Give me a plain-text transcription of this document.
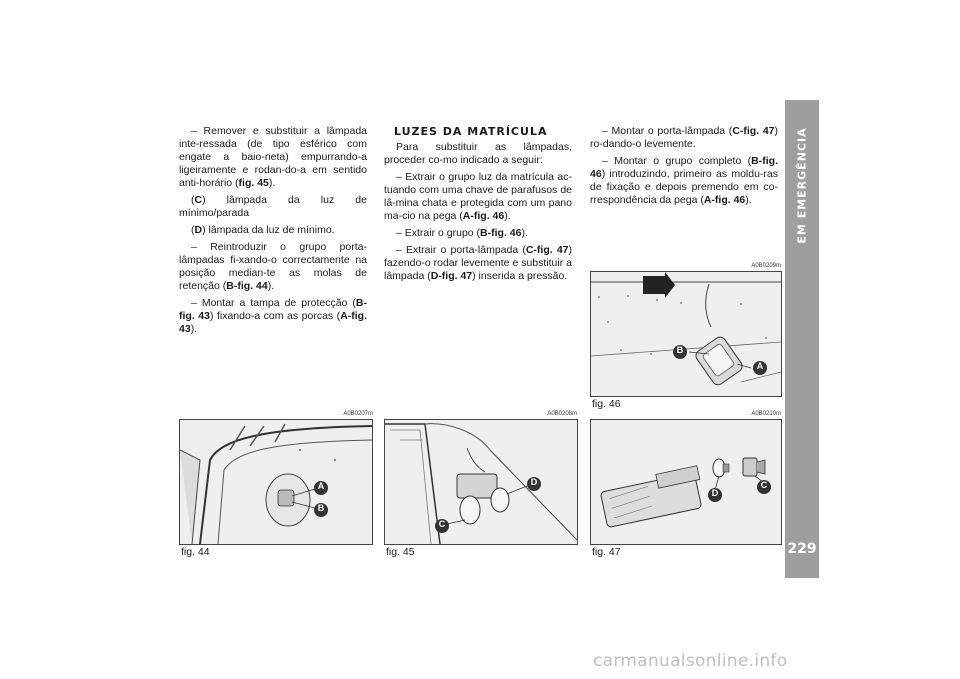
EM EMERGÊNCIA
229

– Remover e substituir a lâmpada inte-ressada (de tipo esférico com engate a baio-neta) empurrando-a ligeiramente e rodan-do-a em sentido anti-horário (fig. 45).

(C) lâmpada da luz de mínimo/parada

(D) lâmpada da luz de mínimo.

– Reintroduzir o grupo porta-lâmpadas fi-xando-o correctamente na posição median-te as molas de retenção (B-fig. 44).

– Montar a tampa de protecção (B-fig. 43) fixando-a com as porcas (A-fig. 43).

LUZES DA MATRÍCULA

Para substituir as lâmpadas, proceder co-mo indicado a seguir:

– Extrair o grupo luz da matrícula ac-tuando com uma chave de parafusos de lâ-mina chata e protegida com um pano ma-cio na pega (A-fig. 46).

– Extrair o grupo (B-fig. 46).

– Extrair o porta-lâmpada (C-fig. 47) fazendo-o rodar levemente e substituir a lâmpada (D-fig. 47) inserida a pressão.

– Montar o porta-lâmpada (C-fig. 47) ro-dando-o levemente.

– Montar o grupo completo (B-fig. 46) introduzindo, primeiro as moldu-ras de fixação e depois premendo em co-rrespondência da pega (A-fig. 46).

A0B0209m
B
A
fig. 46
A0B0207m
A
B
fig. 44
A0B0208m
C
D
fig. 45
A0B0210m
D
C
fig. 47
carmanualsonline.info
